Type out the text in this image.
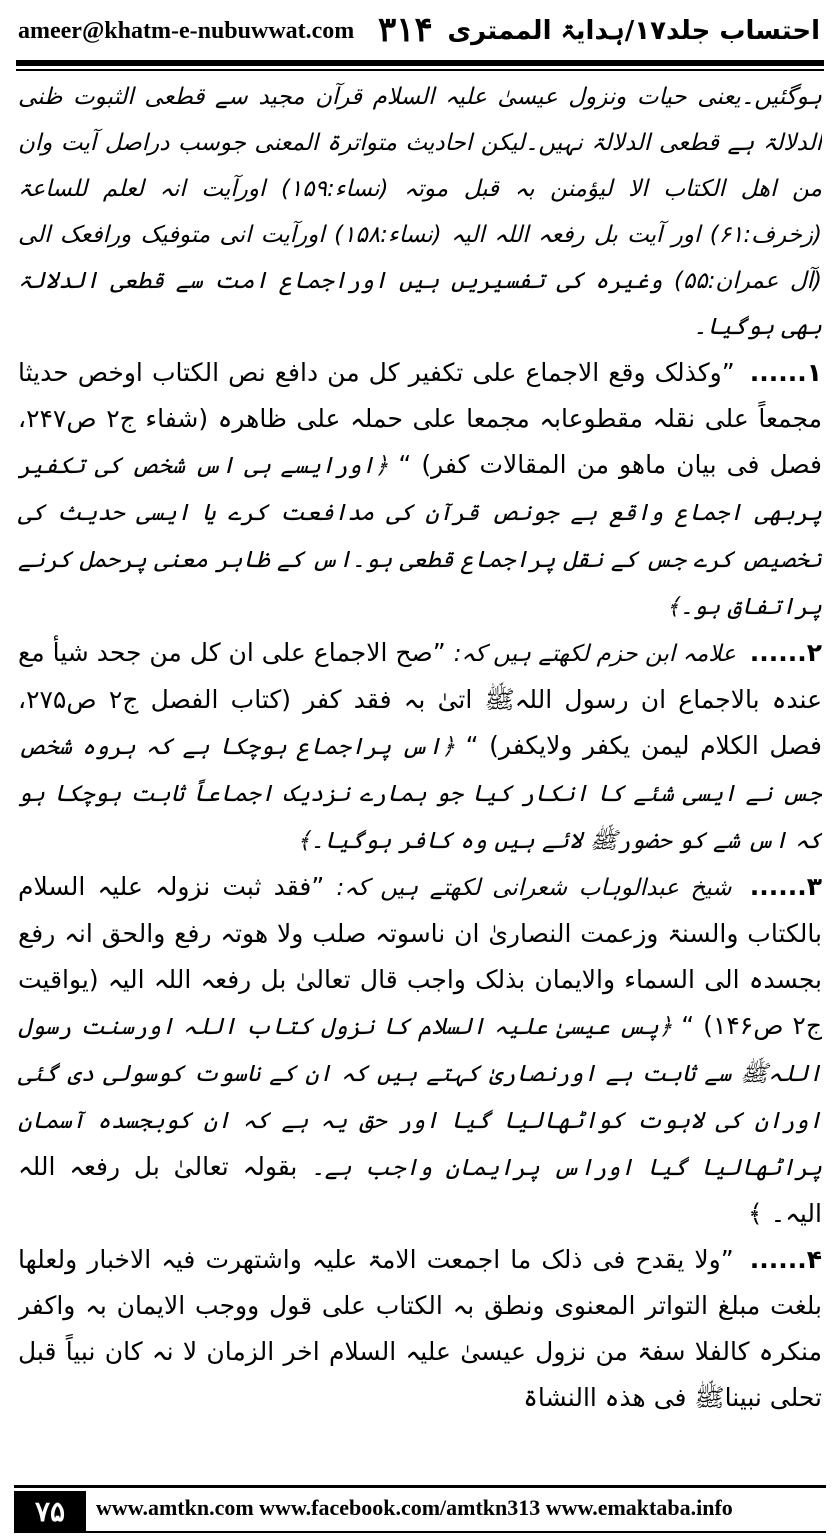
ameer@khatm-e-nubuwwat.com ۳۱۴ احتساب جلد۱۷/ہدایۃ الممتری

ہوگئیں۔یعنی حیات ونزول عیسیٰ علیہ السلام قرآن مجید سے قطعی الثبوت ظنی الدلالۃ ہے قطعی الدلالۃ نہیں۔لیکن احادیث متواترۃ المعنی جوسب دراصل آیت وان من اھل الکتاب الا لیؤمنن بہ قبل موتہ (نساء:۱۵۹) اورآیت انہ لعلم للساعۃ (زخرف:۶۱) اور آیت بل رفعہ اللہ الیہ (نساء:۱۵۸) اورآیت انی متوفیک ورافعک الی (آل عمران:۵۵) وغیرہ کی تفسیریں ہیں اوراجماع امت سے قطعی الدلالۃ بھی ہوگیا۔

۱...... ”وکذلک وقع الاجماع علی تکفیر کل من دافع نص الکتاب اوخص حدیثا مجمعاً علی نقلہ مقطوعابہ مجمعا علی حملہ علی ظاھرہ (شفاء ج۲ ص۲۴۷، فصل فی بیان ماھو من المقالات کفر) “ ﴿اورایسے ہی اس شخص کی تکفیر پربھی اجماع واقع ہے جونص قرآن کی مدافعت کرے یا ایسی حدیث کی تخصیص کرے جس کے نقل پراجماع قطعی ہو۔اس کے ظاہر معنی پرحمل کرنے پراتفاق ہو۔﴾

۲...... علامہ ابن حزم لکھتے ہیں کہ: ”صح الاجماع علی ان کل من جحد شیأ مع عندہ بالاجماع ان رسول اللہﷺ اتیٰ بہ فقد کفر (کتاب الفصل ج۲ ص۲۷۵، فصل الکلام لیمن یکفر ولایکفر) “ ﴿اس پراجماع ہوچکا ہے کہ ہروہ شخص جس نے ایسی شئے کا انکار کیا جو ہمارے نزدیک اجماعاً ثابت ہوچکا ہو کہ اس شے کو حضورﷺ لائے ہیں وہ کافر ہوگیا۔﴾

۳...... شیخ عبدالوہاب شعرانی لکھتے ہیں کہ: ”فقد ثبت نزولہ علیہ السلام بالکتاب والسنۃ وزعمت النصاریٰ ان ناسوتہ صلب ولا ھوتہ رفع والحق انہ رفع بجسدہ الی السماء والایمان بذلک واجب قال تعالیٰ بل رفعہ اللہ الیہ (یواقیت ج۲ ص۱۴۶) “ ﴿پس عیسیٰ علیہ السلام کا نزول کتاب اللہ اورسنت رسول اللہﷺ سے ثابت ہے اورنصاریٰ کہتے ہیں کہ ان کے ناسوت کوسولی دی گئی اوران کی لاہوت کواٹھالیا گیا اور حق یہ ہے کہ ان کوبجسدہ آسمان پراٹھالیا گیا اوراس پرایمان واجب ہے۔ بقولہ تعالیٰ بل رفعہ اللہ الیہ۔ ﴾

۴...... ”ولا یقدح فی ذلک ما اجمعت الامۃ علیہ واشتھرت فیہ الاخبار ولعلھا بلغت مبلغ التواتر المعنوی ونطق بہ الکتاب علی قول ووجب الایمان بہ واکفر منکرہ کالفلا سفۃ من نزول عیسیٰ علیہ السلام اخر الزمان لا نہ کان نبیاً قبل تحلی نبیناﷺ فی ھذہ االنشاۃ

۷۵	www.amtkn.com www.facebook.com/amtkn313 www.emaktaba.info
